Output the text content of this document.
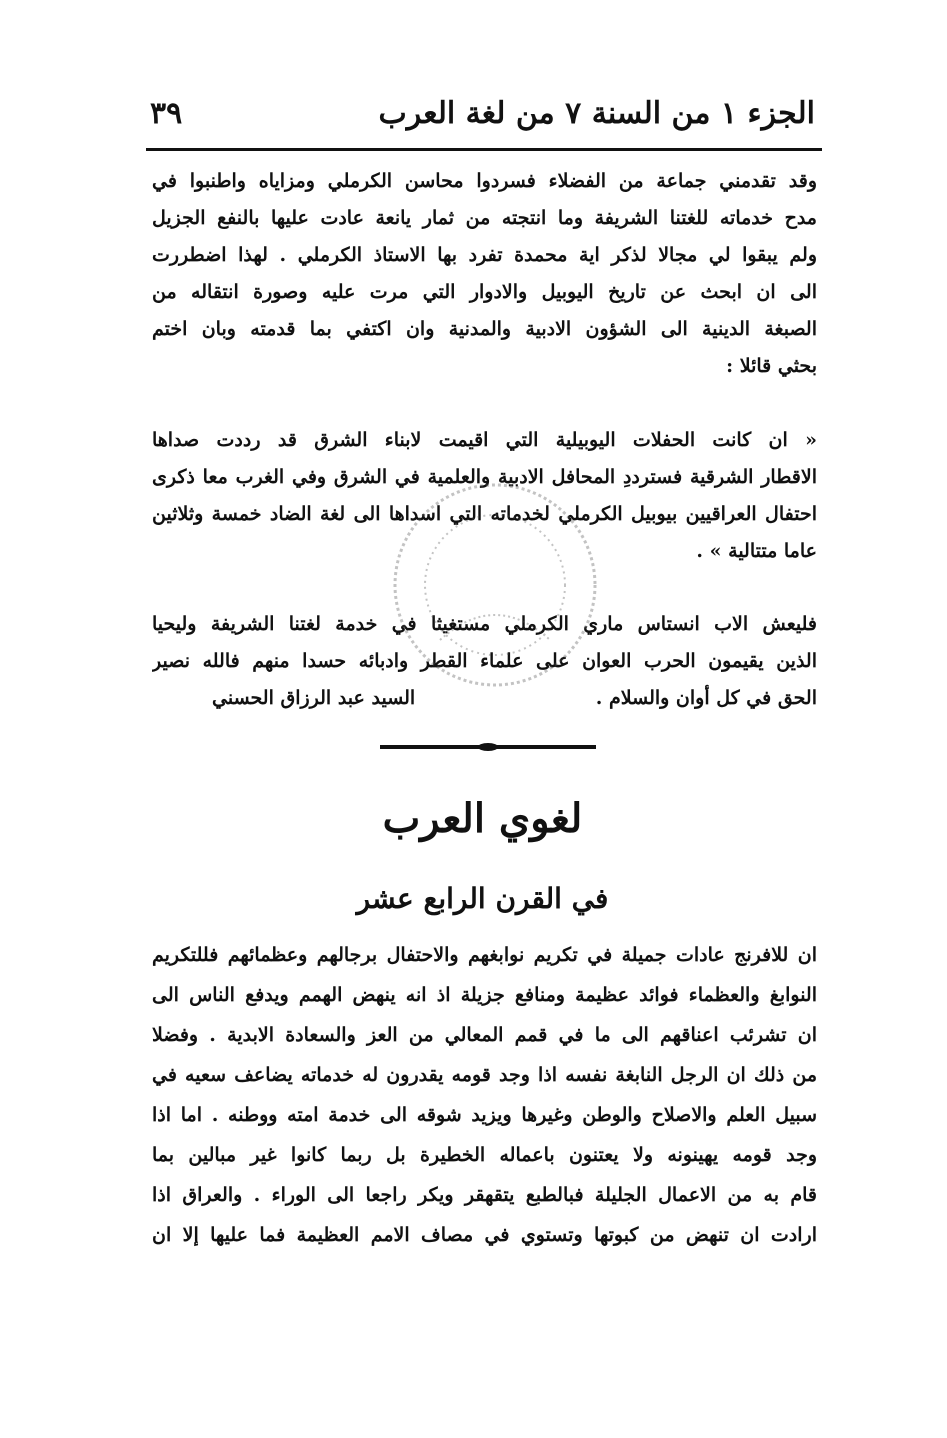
الجزء ١ من السنة ٧ من لغة العرب
٣٩
وقد تقدمني جماعة من الفضلاء فسردوا محاسن الكرملي ومزاياه واطنبوا في
مدح خدماته للغتنا الشريفة وما انتجته من ثمار يانعة عادت عليها بالنفع الجزيل
ولم يبقوا لي مجالا لذكر اية محمدة تفرد بها الاستاذ الكرملي . لهذا اضطررت
الى ان ابحث عن تاريخ اليوبيل والادوار التي مرت عليه وصورة انتقاله من
الصبغة الدينية الى الشؤون الادبية والمدنية وان اكتفي بما قدمته وبان اختم
بحثي قائلا :
« ان كانت الحفلات اليوبيلية التي اقيمت لابناء الشرق قد رددت صداها
الاقطار الشرقية فسترددِ المحافل الادبية والعلمية في الشرق وفي الغرب معا ذكرى
احتفال العراقيين بيوبيل الكرملي لخدماته التي اسداها الى لغة الضاد خمسة وثلاثين
عاما متتالية » .
فليعش الاب انستاس ماري الكرملي مستغيثا في خدمة لغتنا الشريفة وليحيا
الذين يقيمون الحرب العوان على علماء القطر وادبائه حسدا منهم فالله نصير
الحق في كل أوان والسلام .
السيد عبد الرزاق الحسني
لغوي العرب
في القرن الرابع عشر
ان للافرنج عادات جميلة في تكريم نوابغهم والاحتفال برجالهم وعظمائهم فللتكريم
النوابغ والعظماء فوائد عظيمة ومنافع جزيلة اذ انه ينهض الهمم ويدفع الناس الى
ان تشرئب اعناقهم الى ما في قمم المعالي من العز والسعادة الابدية . وفضلا
من ذلك ان الرجل النابغة نفسه اذا وجد قومه يقدرون له خدماته يضاعف سعيه في
سبيل العلم والاصلاح والوطن وغيرها ويزيد شوقه الى خدمة امته ووطنه . اما اذا
وجد قومه يهينونه ولا يعتنون باعماله الخطيرة بل ربما كانوا غير مبالين بما
قام به من الاعمال الجليلة فبالطبع يتقهقر ويكر راجعا الى الوراء . والعراق اذا
ارادت ان تنهض من كبوتها وتستوي في مصاف الامم العظيمة فما عليها إلا ان
